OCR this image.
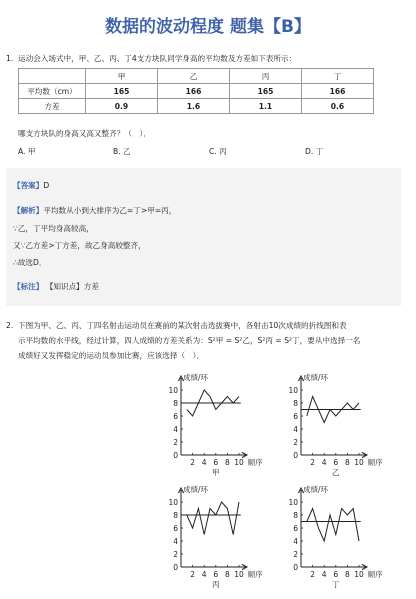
数据的波动程度 题集【B】
1. 运动会入场式中，甲、乙、丙、丁4支方块队同学身高的平均数及方差如下表所示：
	甲	乙	丙	丁
平均数（cm）	165	166	165	166
方差	0.9	1.6	1.1	0.6
哪支方块队的身高又高又整齐？（　）．
A. 甲	B. 乙	C. 丙	D. 丁
【答案】D
【解析】平均数从小到大排序为乙=丁>甲=丙，
∵乙，丁平均身高较高，
又∵乙方差>丁方差，故乙身高较整齐，
∴故选D．
【标注】 【知识点】方差
2. 下图为甲、乙、丙、丁四名射击运动员在赛前的某次射击选拔赛中，各射击10次成绩的折线图和表
示平均数的水平线，经过计算，四人成绩的方差关系为：S²甲 = S²乙，S²丙 = S²丁，要从中选择一名
成绩好又发挥稳定的运动员参加比赛，应该选择（　）．
成绩/环
10
8
6
4
2
0
2 4 6 8 10 顺序
甲
成绩/环
10
8
6
4
2
0
2 4 6 8 10 顺序
乙
成绩/环
10
8
6
4
2
0
2 4 6 8 10 顺序
丙
成绩/环
10
8
6
4
2
0
2 4 6 8 10 顺序
丁
